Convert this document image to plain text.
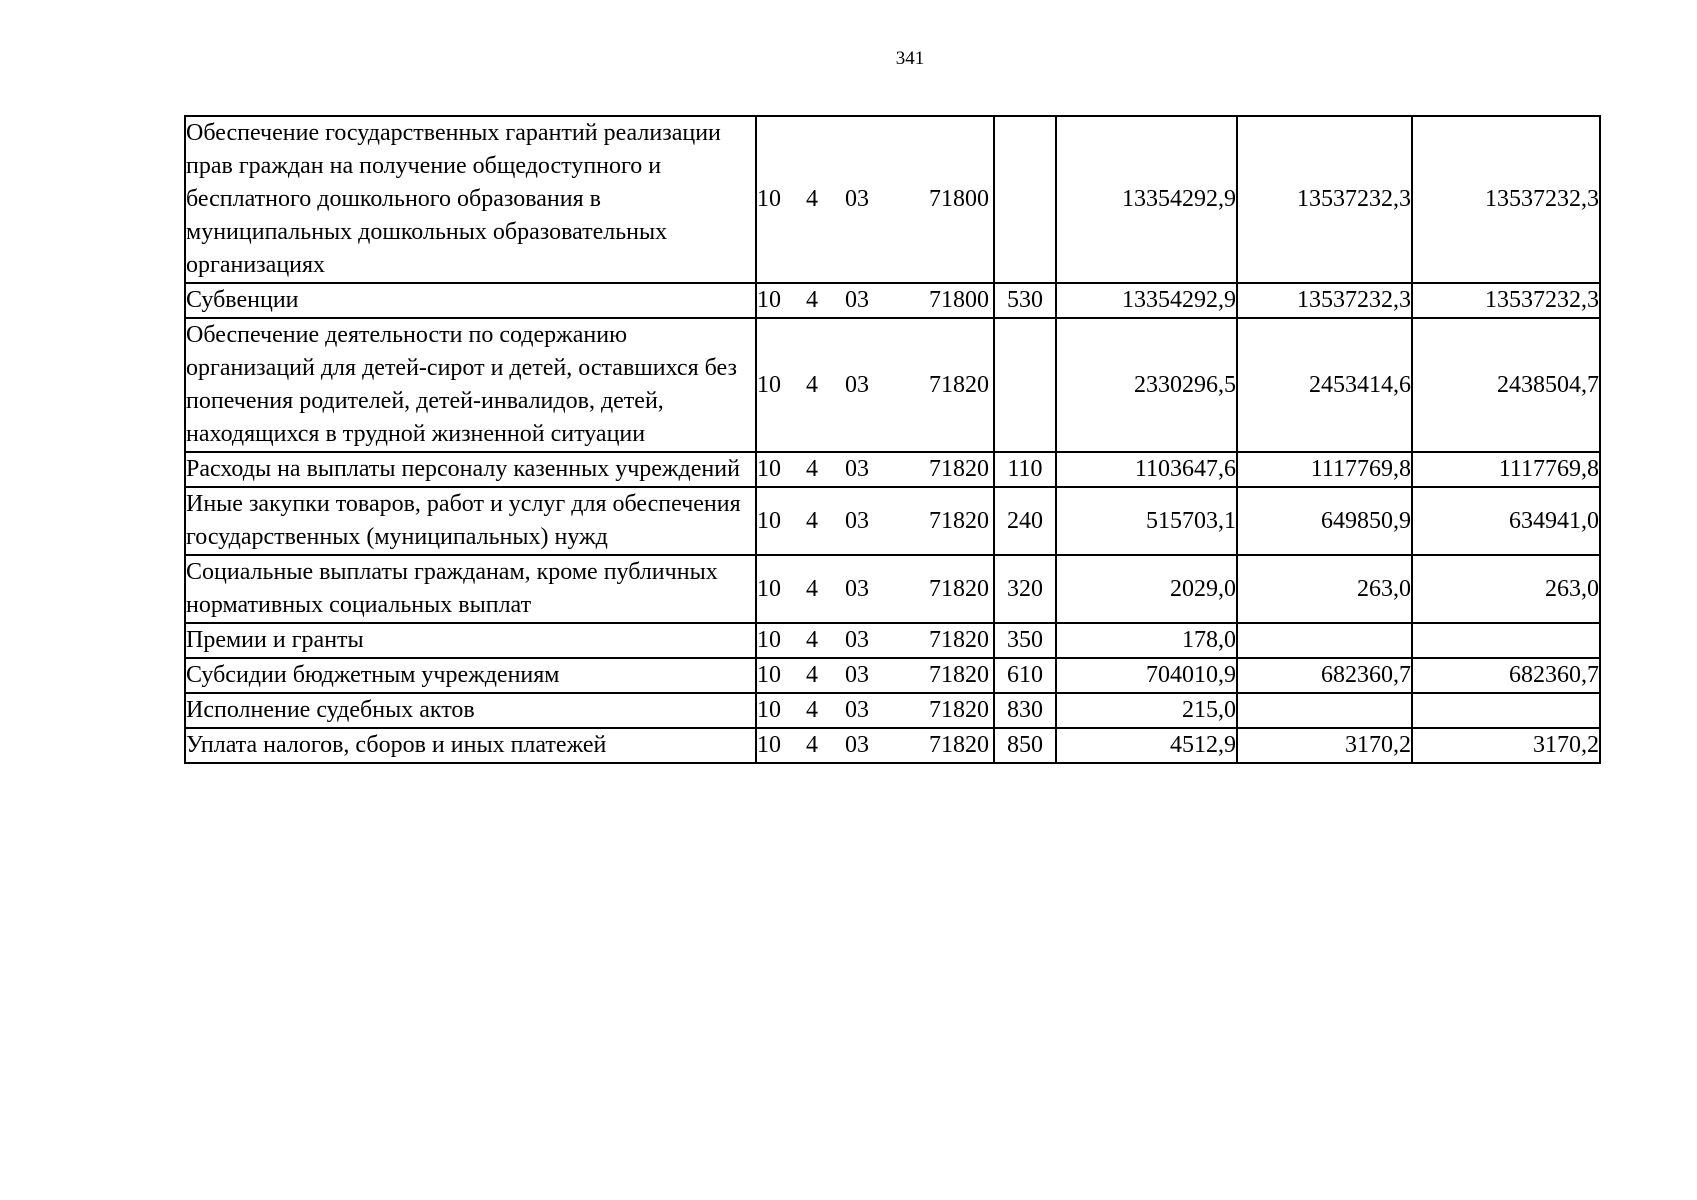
341
Обеспечение государственных гарантий реализации прав граждан на получение общедоступного и бесплатного дошкольного образования в муниципальных дошкольных образовательных организациях	10 4 03 71800		13354292,9	13537232,3	13537232,3
Субвенции	10 4 03 71800	530	13354292,9	13537232,3	13537232,3
Обеспечение деятельности по содержанию организаций для детей-сирот и детей, оставшихся без попечения родителей, детей-инвалидов, детей, находящихся в трудной жизненной ситуации	10 4 03 71820		2330296,5	2453414,6	2438504,7
Расходы на выплаты персоналу казенных учреждений	10 4 03 71820	110	1103647,6	1117769,8	1117769,8
Иные закупки товаров, работ и услуг для обеспечения государственных (муниципальных) нужд	10 4 03 71820	240	515703,1	649850,9	634941,0
Социальные выплаты гражданам, кроме публичных нормативных социальных выплат	10 4 03 71820	320	2029,0	263,0	263,0
Премии и гранты	10 4 03 71820	350	178,0		
Субсидии бюджетным учреждениям	10 4 03 71820	610	704010,9	682360,7	682360,7
Исполнение судебных актов	10 4 03 71820	830	215,0		
Уплата налогов, сборов и иных платежей	10 4 03 71820	850	4512,9	3170,2	3170,2
